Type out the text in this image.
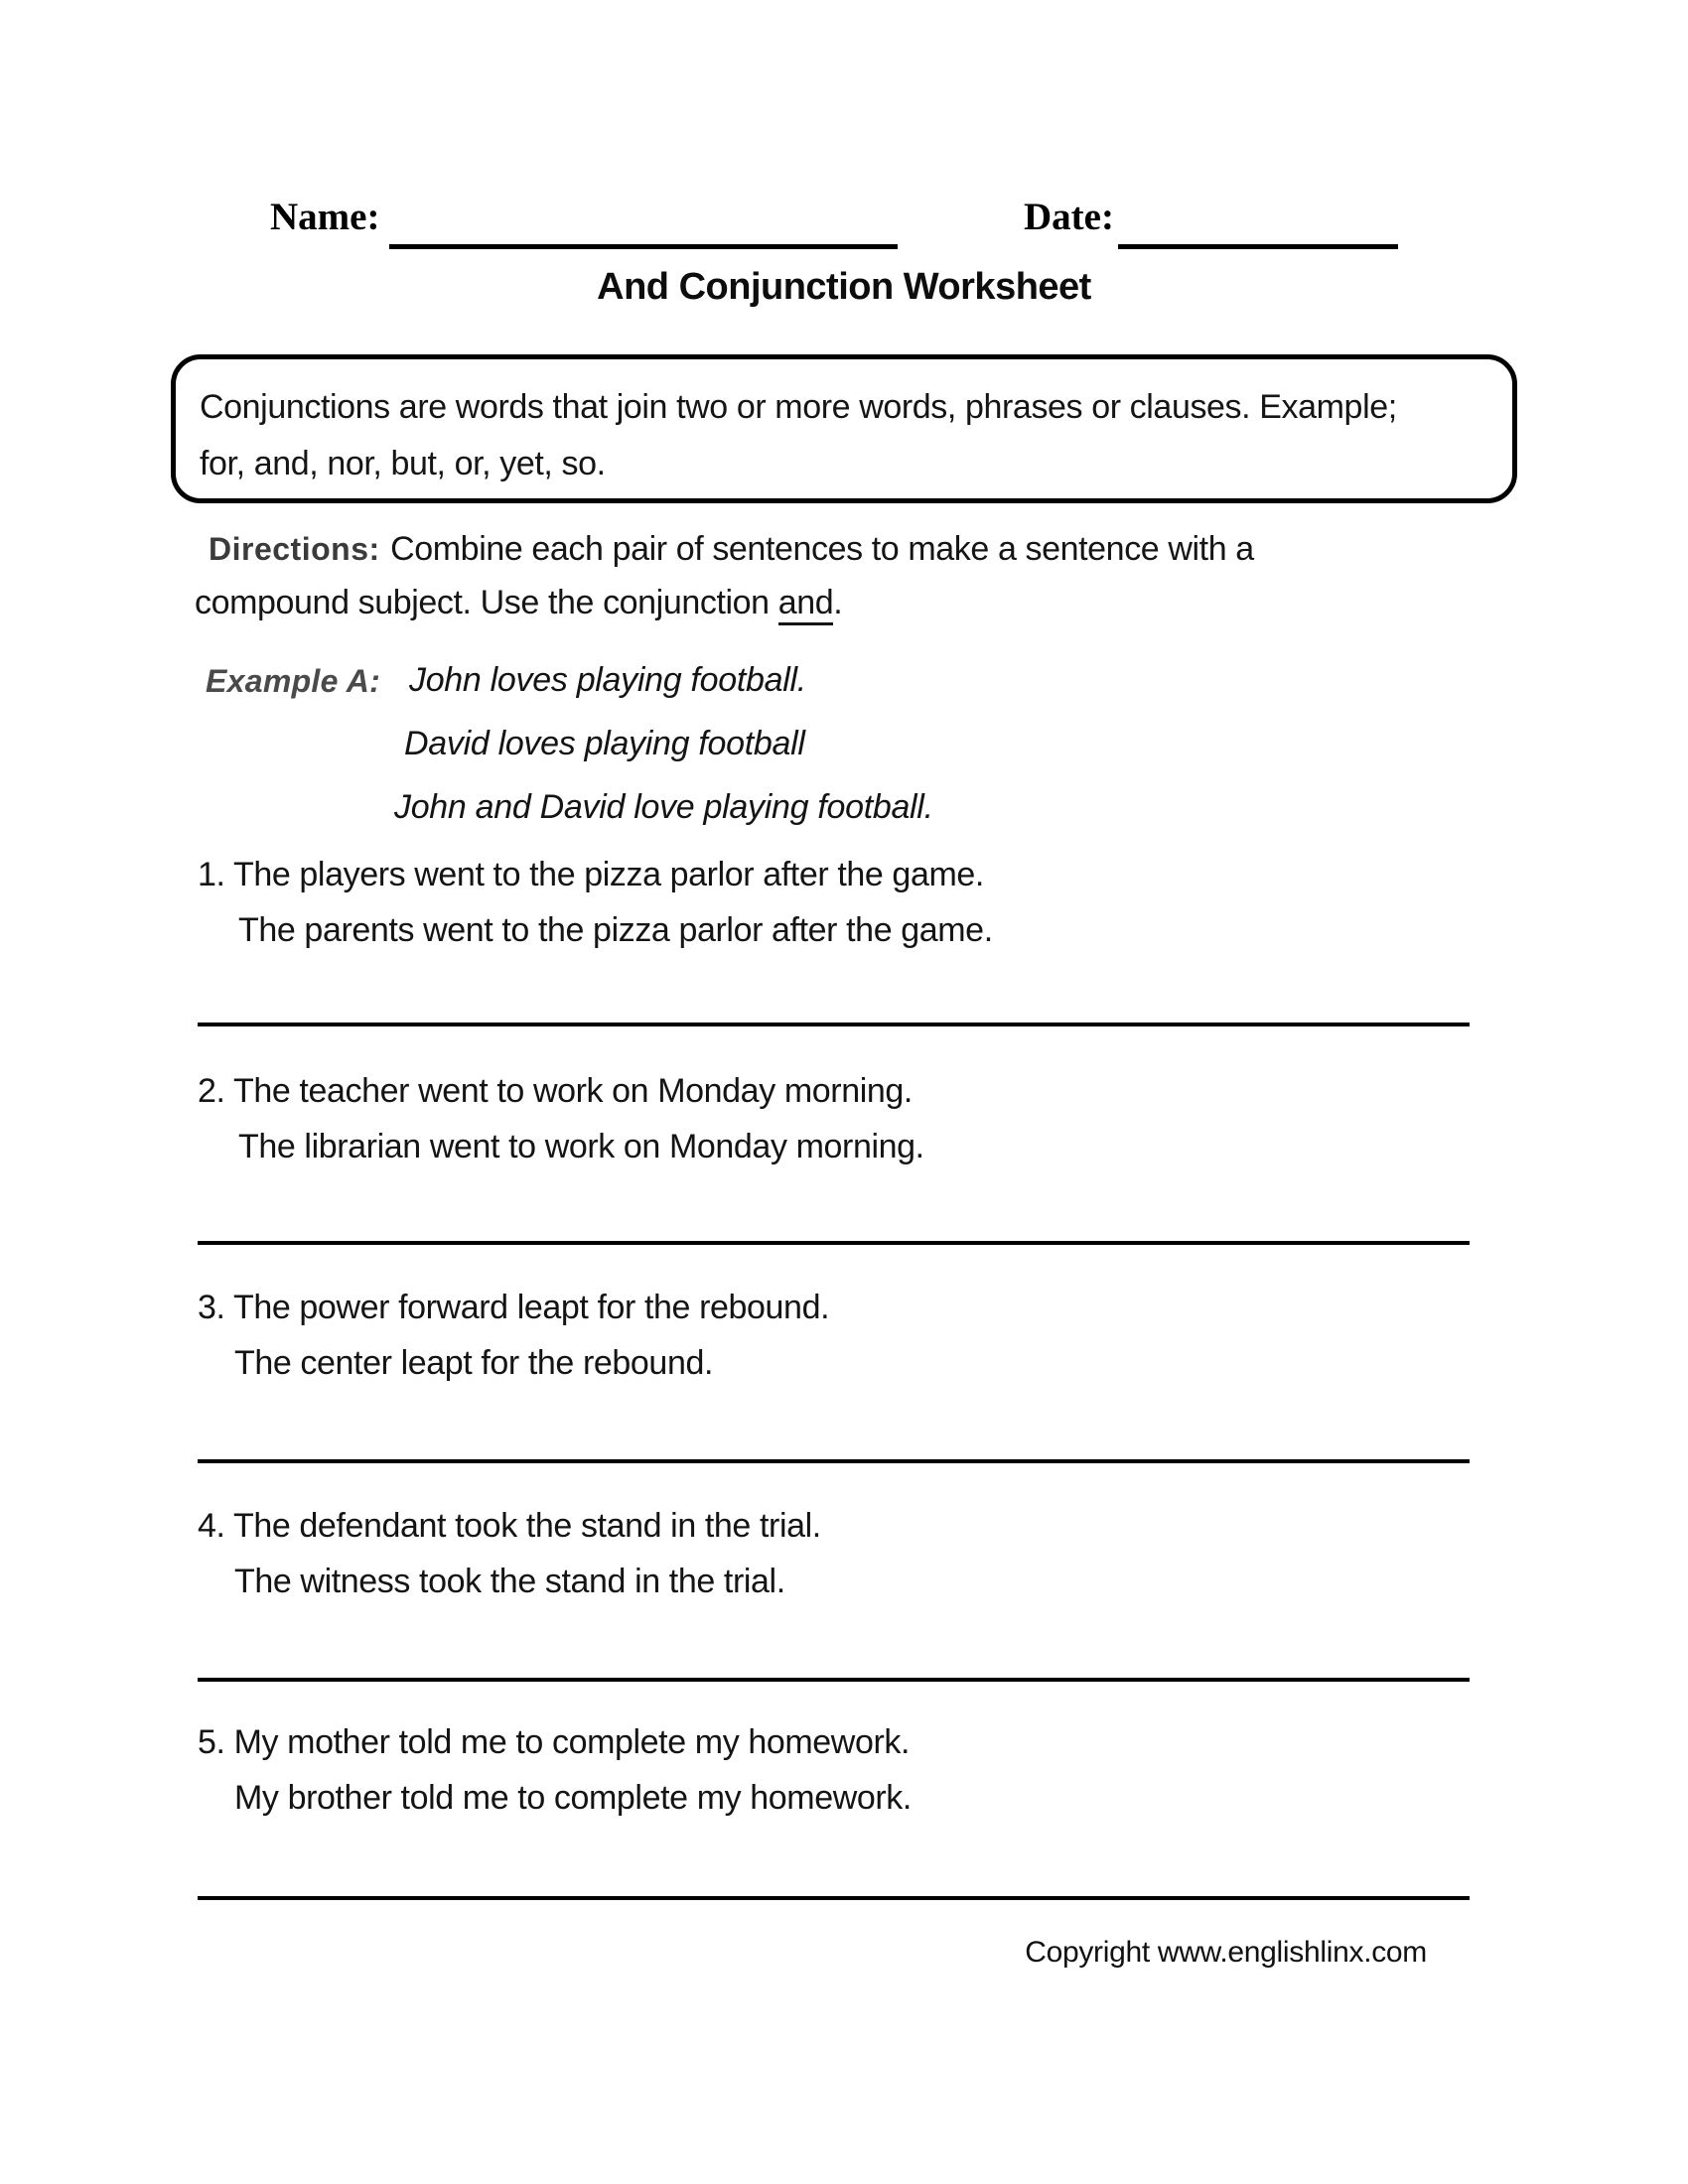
Name:	Date:
And Conjunction Worksheet
Conjunctions are words that join two or more words, phrases or clauses. Example;
for, and, nor, but, or, yet, so.
Directions: Combine each pair of sentences to make a sentence with a
compound subject. Use the conjunction and.
Example A: John loves playing football.
David loves playing football
John and David love playing football.
1. The players went to the pizza parlor after the game.
The parents went to the pizza parlor after the game.
2. The teacher went to work on Monday morning.
The librarian went to work on Monday morning.
3. The power forward leapt for the rebound.
The center leapt for the rebound.
4. The defendant took the stand in the trial.
The witness took the stand in the trial.
5. My mother told me to complete my homework.
My brother told me to complete my homework.
Copyright www.englishlinx.com
